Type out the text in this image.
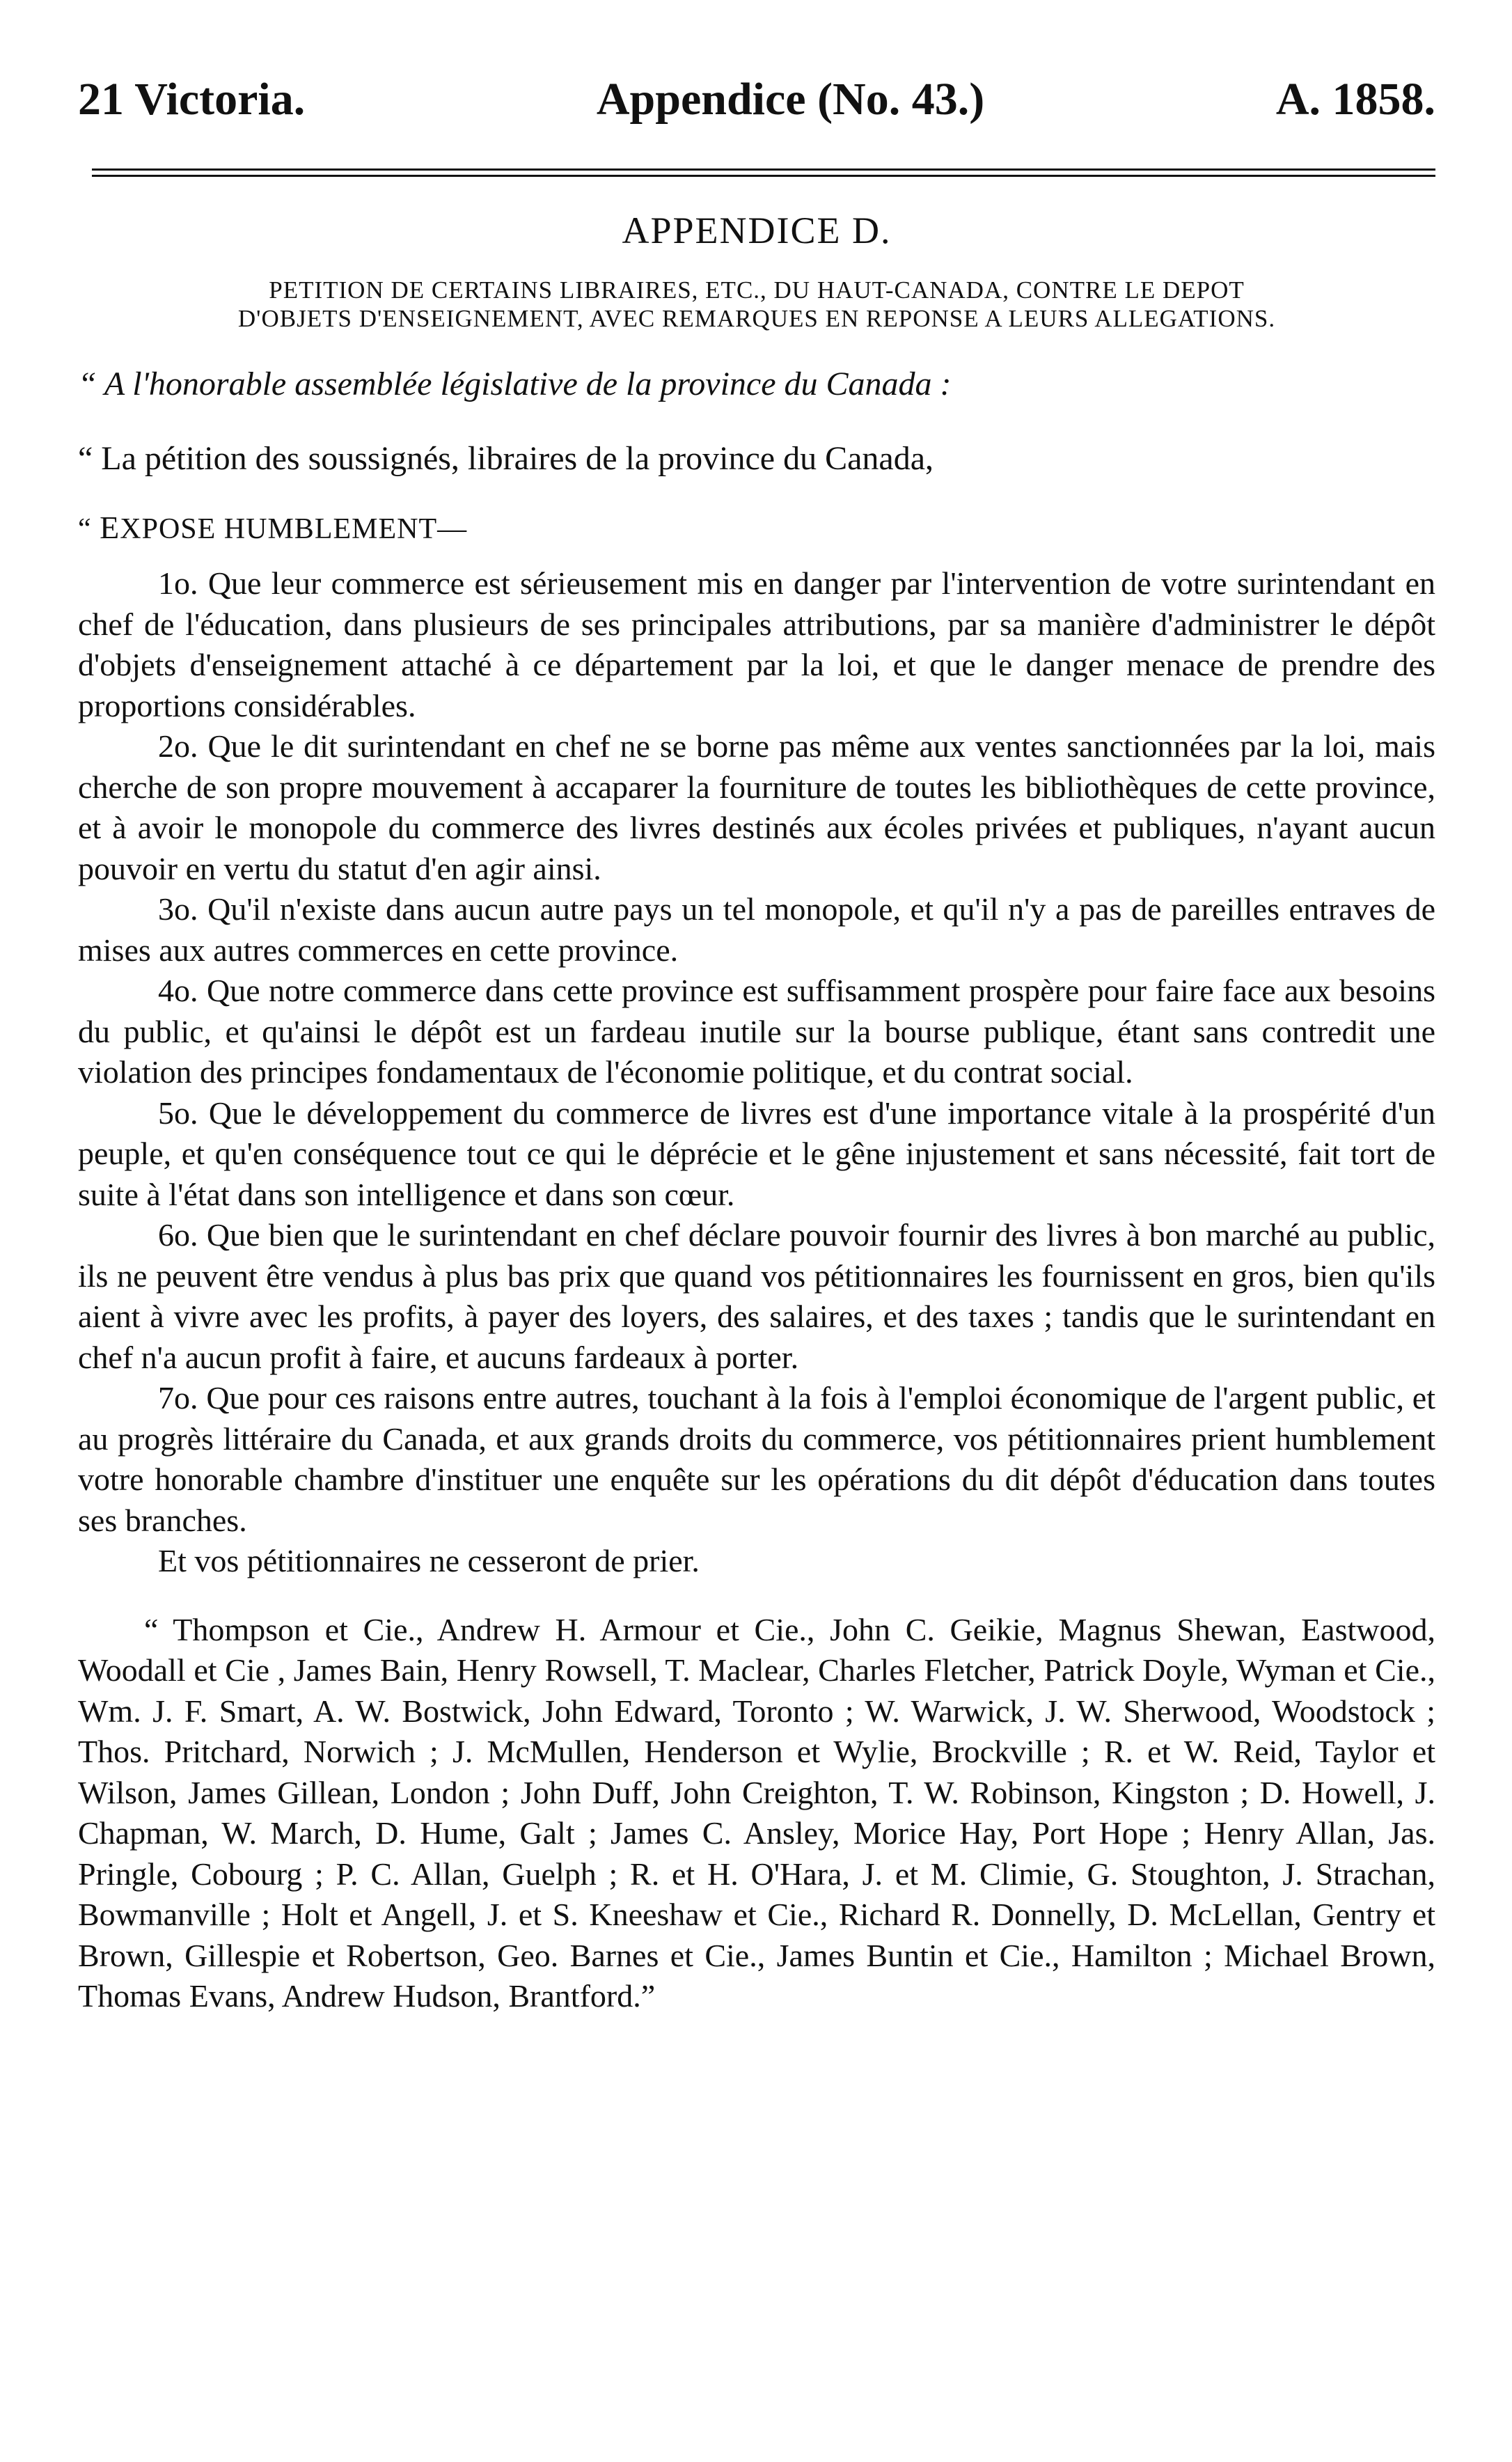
21 Victoria.	Appendice (No. 43.)	A. 1858.
APPENDICE D.
PETITION DE CERTAINS LIBRAIRES, ETC., DU HAUT-CANADA, CONTRE LE DEPOT
D'OBJETS D'ENSEIGNEMENT, AVEC REMARQUES EN REPONSE A LEURS ALLEGATIONS.
“ A l'honorable assemblée législative de la province du Canada :
“ La pétition des soussignés, libraires de la province du Canada,
“ EXPOSE HUMBLEMENT—

1o. Que leur commerce est sérieusement mis en danger par l'intervention de votre surintendant en chef de l'éducation, dans plusieurs de ses principales attributions, par sa manière d'administrer le dépôt d'objets d'enseignement attaché à ce département par la loi, et que le danger menace de prendre des proportions considérables.

2o. Que le dit surintendant en chef ne se borne pas même aux ventes sanctionnées par la loi, mais cherche de son propre mouvement à accaparer la fourniture de toutes les bibliothèques de cette province, et à avoir le monopole du commerce des livres destinés aux écoles privées et publiques, n'ayant aucun pouvoir en vertu du statut d'en agir ainsi.

3o. Qu'il n'existe dans aucun autre pays un tel monopole, et qu'il n'y a pas de pareilles entraves de mises aux autres commerces en cette province.

4o. Que notre commerce dans cette province est suffisamment prospère pour faire face aux besoins du public, et qu'ainsi le dépôt est un fardeau inutile sur la bourse publique, étant sans contredit une violation des principes fondamentaux de l'économie politique, et du contrat social.

5o. Que le développement du commerce de livres est d'une importance vitale à la prospérité d'un peuple, et qu'en conséquence tout ce qui le déprécie et le gêne injustement et sans nécessité, fait tort de suite à l'état dans son intelligence et dans son cœur.

6o. Que bien que le surintendant en chef déclare pouvoir fournir des livres à bon marché au public, ils ne peuvent être vendus à plus bas prix que quand vos pétitionnaires les fournissent en gros, bien qu'ils aient à vivre avec les profits, à payer des loyers, des salaires, et des taxes ; tandis que le surintendant en chef n'a aucun profit à faire, et aucuns fardeaux à porter.

7o. Que pour ces raisons entre autres, touchant à la fois à l'emploi économique de l'argent public, et au progrès littéraire du Canada, et aux grands droits du commerce, vos pétitionnaires prient humblement votre honorable chambre d'instituer une enquête sur les opérations du dit dépôt d'éducation dans toutes ses branches.

Et vos pétitionnaires ne cesseront de prier.

“ Thompson et Cie., Andrew H. Armour et Cie., John C. Geikie, Magnus Shewan, Eastwood, Woodall et Cie , James Bain, Henry Rowsell, T. Maclear, Charles Fletcher, Patrick Doyle, Wyman et Cie., Wm. J. F. Smart, A. W. Bostwick, John Edward, Toronto ; W. Warwick, J. W. Sherwood, Woodstock ; Thos. Pritchard, Norwich ; J. McMullen, Henderson et Wylie, Brockville ; R. et W. Reid, Taylor et Wilson, James Gillean, London ; John Duff, John Creighton, T. W. Robinson, Kingston ; D. Howell, J. Chapman, W. March, D. Hume, Galt ; James C. Ansley, Morice Hay, Port Hope ; Henry Allan, Jas. Pringle, Cobourg ; P. C. Allan, Guelph ; R. et H. O'Hara, J. et M. Climie, G. Stoughton, J. Strachan, Bowmanville ; Holt et Angell, J. et S. Kneeshaw et Cie., Richard R. Donnelly, D. McLellan, Gentry et Brown, Gillespie et Robertson, Geo. Barnes et Cie., James Buntin et Cie., Hamilton ; Michael Brown, Thomas Evans, Andrew Hudson, Brantford.”
